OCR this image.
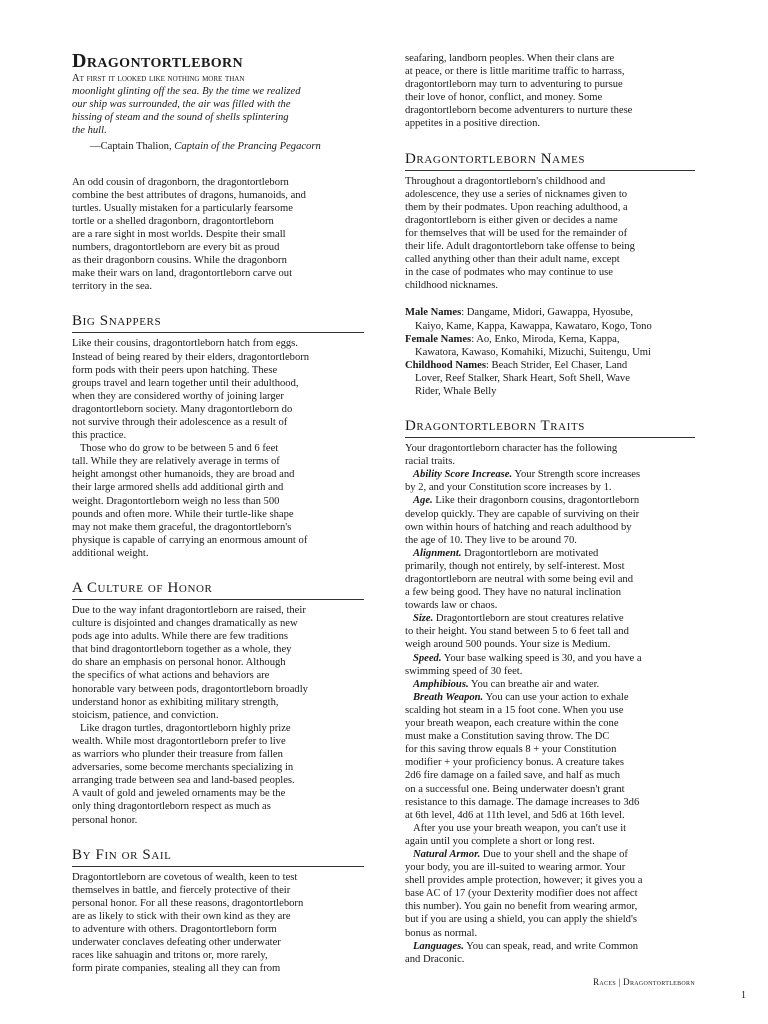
Dragontortleborn
At first it looked like nothing more than
moonlight glinting off the sea. By the time we realized
our ship was surrounded, the air was filled with the
hissing of steam and the sound of shells splintering
the hull.
—Captain Thalion, Captain of the Prancing Pegacorn

An odd cousin of dragonborn, the dragontortleborn
combine the best attributes of dragons, humanoids, and
turtles. Usually mistaken for a particularly fearsome
tortle or a shelled dragonborn, dragontortleborn
are a rare sight in most worlds. Despite their small
numbers, dragontortleborn are every bit as proud
as their dragonborn cousins. While the dragonborn
make their wars on land, dragontortleborn carve out
territory in the sea.

Big Snappers

Like their cousins, dragontortleborn hatch from eggs.
Instead of being reared by their elders, dragontortleborn
form pods with their peers upon hatching. These
groups travel and learn together until their adulthood,
when they are considered worthy of joining larger
dragontortleborn society. Many dragontortleborn do
not survive through their adolescence as a result of
this practice.

Those who do grow to be between 5 and 6 feet
tall. While they are relatively average in terms of
height amongst other humanoids, they are broad and
their large armored shells add additional girth and
weight. Dragontortleborn weigh no less than 500
pounds and often more. While their turtle-like shape
may not make them graceful, the dragontortleborn's
physique is capable of carrying an enormous amount of
additional weight.

A Culture of Honor

Due to the way infant dragontortleborn are raised, their
culture is disjointed and changes dramatically as new
pods age into adults. While there are few traditions
that bind dragontortleborn together as a whole, they
do share an emphasis on personal honor. Although
the specifics of what actions and behaviors are
honorable vary between pods, dragontortleborn broadly
understand honor as exhibiting military strength,
stoicism, patience, and conviction.

Like dragon turtles, dragontortleborn highly prize
wealth. While most dragontortleborn prefer to live
as warriors who plunder their treasure from fallen
adversaries, some become merchants specializing in
arranging trade between sea and land-based peoples.
A vault of gold and jeweled ornaments may be the
only thing dragontortleborn respect as much as
personal honor.

By Fin or Sail

Dragontortleborn are covetous of wealth, keen to test
themselves in battle, and fiercely protective of their
personal honor. For all these reasons, dragontortleborn
are as likely to stick with their own kind as they are
to adventure with others. Dragontortleborn form
underwater conclaves defeating other underwater
races like sahuagin and tritons or, more rarely,
form pirate companies, stealing all they can from

seafaring, landborn peoples. When their clans are
at peace, or there is little maritime traffic to harrass,
dragontortleborn may turn to adventuring to pursue
their love of honor, conflict, and money. Some
dragontortleborn become adventurers to nurture these
appetites in a positive direction.

Dragontortleborn Names

Throughout a dragontortleborn's childhood and
adolescence, they use a series of nicknames given to
them by their podmates. Upon reaching adulthood, a
dragontortleborn is either given or decides a name
for themselves that will be used for the remainder of
their life. Adult dragontortleborn take offense to being
called anything other than their adult name, except
in the case of podmates who may continue to use
childhood nicknames.

Male Names: Dangame, Midori, Gawappa, Hyosube,
Kaiyo, Kame, Kappa, Kawappa, Kawataro, Kogo, Tono

Female Names: Ao, Enko, Miroda, Kema, Kappa,
Kawatora, Kawaso, Komahiki, Mizuchi, Suitengu, Umi

Childhood Names: Beach Strider, Eel Chaser, Land
Lover, Reef Stalker, Shark Heart, Soft Shell, Wave
Rider, Whale Belly

Dragontortleborn Traits

Your dragontortleborn character has the following
racial traits.

Ability Score Increase. Your Strength score increases
by 2, and your Constitution score increases by 1.

Age. Like their dragonborn cousins, dragontortleborn
develop quickly. They are capable of surviving on their
own within hours of hatching and reach adulthood by
the age of 10. They live to be around 70.

Alignment. Dragontortleborn are motivated
primarily, though not entirely, by self-interest. Most
dragontortleborn are neutral with some being evil and
a few being good. They have no natural inclination
towards law or chaos.

Size. Dragontortleborn are stout creatures relative
to their height. You stand between 5 to 6 feet tall and
weigh around 500 pounds. Your size is Medium.

Speed. Your base walking speed is 30, and you have a
swimming speed of 30 feet.

Amphibious. You can breathe air and water.

Breath Weapon. You can use your action to exhale
scalding hot steam in a 15 foot cone. When you use
your breath weapon, each creature within the cone
must make a Constitution saving throw. The DC
for this saving throw equals 8 + your Constitution
modifier + your proficiency bonus. A creature takes
2d6 fire damage on a failed save, and half as much
on a successful one. Being underwater doesn't grant
resistance to this damage. The damage increases to 3d6
at 6th level, 4d6 at 11th level, and 5d6 at 16th level.

After you use your breath weapon, you can't use it
again until you complete a short or long rest.

Natural Armor. Due to your shell and the shape of
your body, you are ill-suited to wearing armor. Your
shell provides ample protection, however; it gives you a
base AC of 17 (your Dexterity modifier does not affect
this number). You gain no benefit from wearing armor,
but if you are using a shield, you can apply the shield's
bonus as normal.

Languages. You can speak, read, and write Common
and Draconic.

Races | Dragontortleborn
1
